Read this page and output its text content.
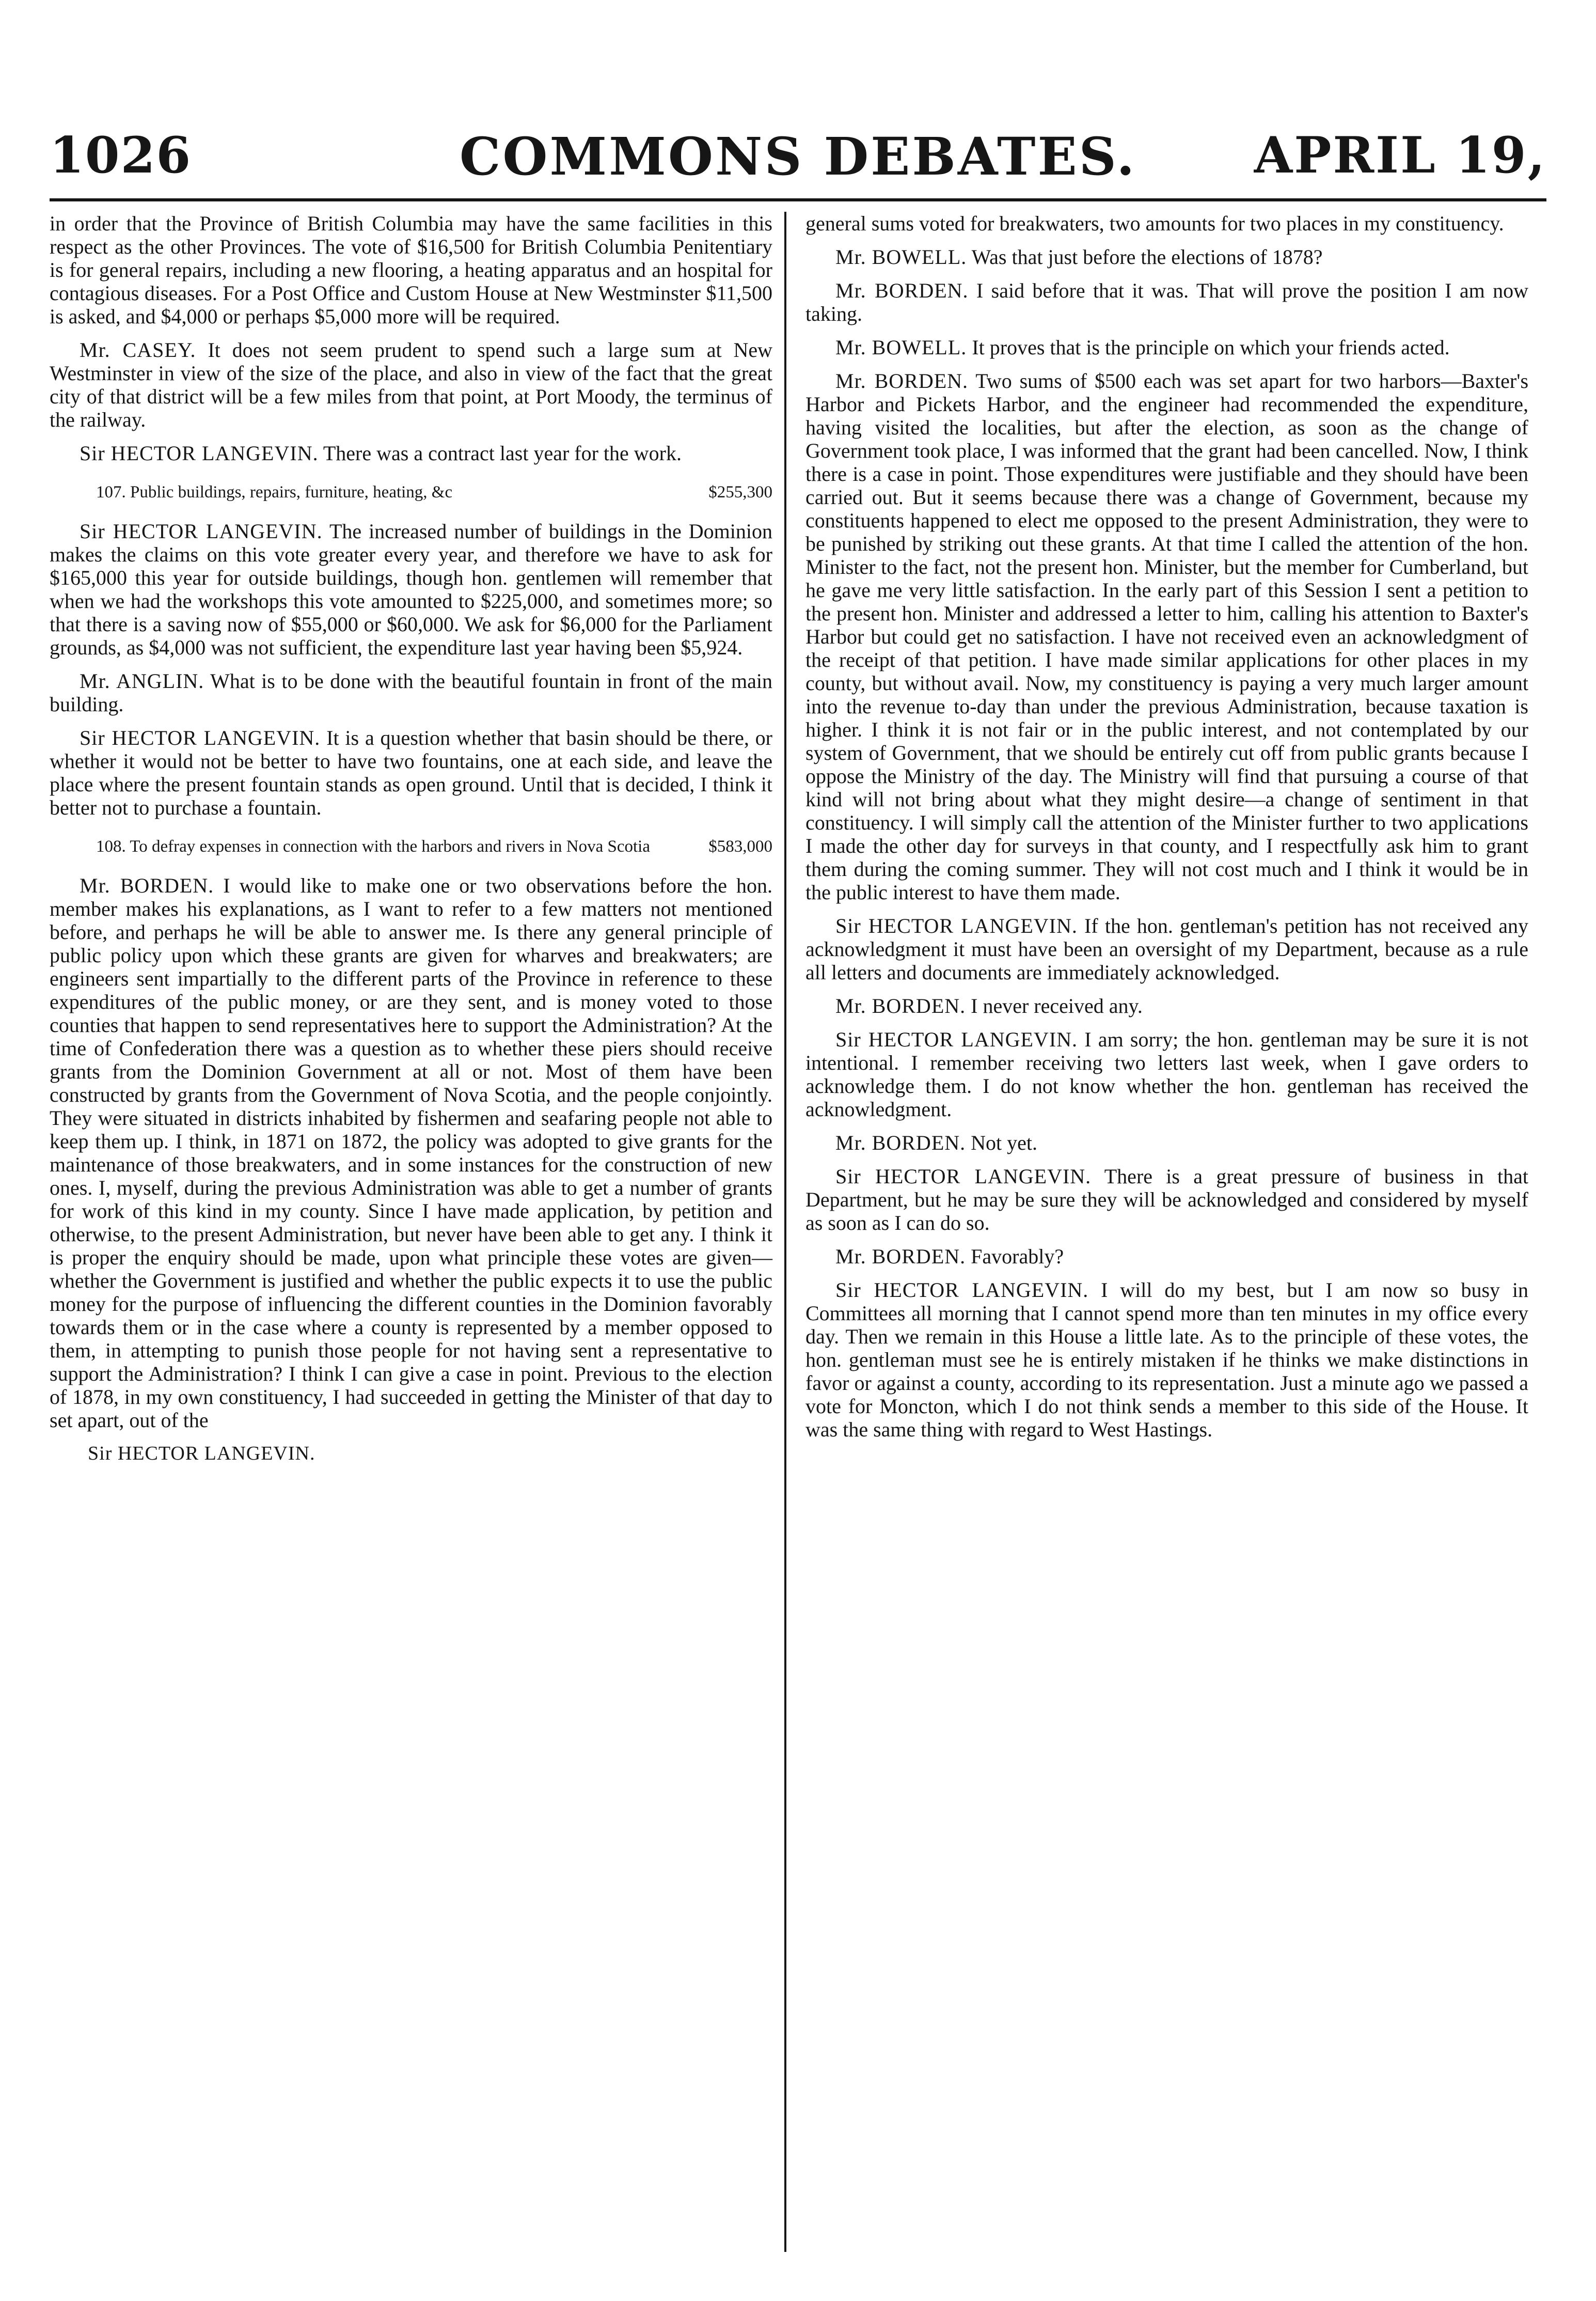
1026	COMMONS DEBATES.	APRIL 19,

in order that the Province of British Columbia may have the same facilities in this respect as the other Provinces. The vote of $16,500 for British Columbia Penitentiary is for general repairs, including a new flooring, a heating apparatus and an hospital for contagious diseases. For a Post Office and Custom House at New Westminster $11,500 is asked, and $4,000 or perhaps $5,000 more will be required.

Mr. CASEY. It does not seem prudent to spend such a large sum at New Westminster in view of the size of the place, and also in view of the fact that the great city of that district will be a few miles from that point, at Port Moody, the terminus of the railway.

Sir HECTOR LANGEVIN. There was a contract last year for the work.

107. Public buildings, repairs, furniture, heating, &c	$255,300

Sir HECTOR LANGEVIN. The increased number of buildings in the Dominion makes the claims on this vote greater every year, and therefore we have to ask for $165,000 this year for outside buildings, though hon. gentlemen will remember that when we had the workshops this vote amounted to $225,000, and sometimes more; so that there is a saving now of $55,000 or $60,000. We ask for $6,000 for the Parliament grounds, as $4,000 was not sufficient, the expenditure last year having been $5,924.

Mr. ANGLIN. What is to be done with the beautiful fountain in front of the main building.

Sir HECTOR LANGEVIN. It is a question whether that basin should be there, or whether it would not be better to have two fountains, one at each side, and leave the place where the present fountain stands as open ground. Until that is decided, I think it better not to purchase a fountain.

108. To defray expenses in connection with the harbors and rivers in Nova Scotia	$583,000

Mr. BORDEN. I would like to make one or two observations before the hon. member makes his explanations, as I want to refer to a few matters not mentioned before, and perhaps he will be able to answer me. Is there any general principle of public policy upon which these grants are given for wharves and breakwaters; are engineers sent impartially to the different parts of the Province in reference to these expenditures of the public money, or are they sent, and is money voted to those counties that happen to send representatives here to support the Administration? At the time of Confederation there was a question as to whether these piers should receive grants from the Dominion Government at all or not. Most of them have been constructed by grants from the Government of Nova Scotia, and the people conjointly. They were situated in districts inhabited by fishermen and seafaring people not able to keep them up. I think, in 1871 on 1872, the policy was adopted to give grants for the maintenance of those breakwaters, and in some instances for the construction of new ones. I, myself, during the previous Administration was able to get a number of grants for work of this kind in my county. Since I have made application, by petition and otherwise, to the present Administration, but never have been able to get any. I think it is proper the enquiry should be made, upon what principle these votes are given—whether the Government is justified and whether the public expects it to use the public money for the purpose of influencing the different counties in the Dominion favorably towards them or in the case where a county is represented by a member opposed to them, in attempting to punish those people for not having sent a representative to support the Administration? I think I can give a case in point. Previous to the election of 1878, in my own constituency, I had succeeded in getting the Minister of that day to set apart, out of the

Sir HECTOR LANGEVIN.

general sums voted for breakwaters, two amounts for two places in my constituency.

Mr. BOWELL. Was that just before the elections of 1878?

Mr. BORDEN. I said before that it was. That will prove the position I am now taking.

Mr. BOWELL. It proves that is the principle on which your friends acted.

Mr. BORDEN. Two sums of $500 each was set apart for two harbors—Baxter's Harbor and Pickets Harbor, and the engineer had recommended the expenditure, having visited the localities, but after the election, as soon as the change of Government took place, I was informed that the grant had been cancelled. Now, I think there is a case in point. Those expenditures were justifiable and they should have been carried out. But it seems because there was a change of Government, because my constituents happened to elect me opposed to the present Administration, they were to be punished by striking out these grants. At that time I called the attention of the hon. Minister to the fact, not the present hon. Minister, but the member for Cumberland, but he gave me very little satisfaction. In the early part of this Session I sent a petition to the present hon. Minister and addressed a letter to him, calling his attention to Baxter's Harbor but could get no satisfaction. I have not received even an acknowledgment of the receipt of that petition. I have made similar applications for other places in my county, but without avail. Now, my constituency is paying a very much larger amount into the revenue to-day than under the previous Administration, because taxation is higher. I think it is not fair or in the public interest, and not contemplated by our system of Government, that we should be entirely cut off from public grants because I oppose the Ministry of the day. The Ministry will find that pursuing a course of that kind will not bring about what they might desire—a change of sentiment in that constituency. I will simply call the attention of the Minister further to two applications I made the other day for surveys in that county, and I respectfully ask him to grant them during the coming summer. They will not cost much and I think it would be in the public interest to have them made.

Sir HECTOR LANGEVIN. If the hon. gentleman's petition has not received any acknowledgment it must have been an oversight of my Department, because as a rule all letters and documents are immediately acknowledged.

Mr. BORDEN. I never received any.

Sir HECTOR LANGEVIN. I am sorry; the hon. gentleman may be sure it is not intentional. I remember receiving two letters last week, when I gave orders to acknowledge them. I do not know whether the hon. gentleman has received the acknowledgment.

Mr. BORDEN. Not yet.

Sir HECTOR LANGEVIN. There is a great pressure of business in that Department, but he may be sure they will be acknowledged and considered by myself as soon as I can do so.

Mr. BORDEN. Favorably?

Sir HECTOR LANGEVIN. I will do my best, but I am now so busy in Committees all morning that I cannot spend more than ten minutes in my office every day. Then we remain in this House a little late. As to the principle of these votes, the hon. gentleman must see he is entirely mistaken if he thinks we make distinctions in favor or against a county, according to its representation. Just a minute ago we passed a vote for Moncton, which I do not think sends a member to this side of the House. It was the same thing with regard to West Hastings.
